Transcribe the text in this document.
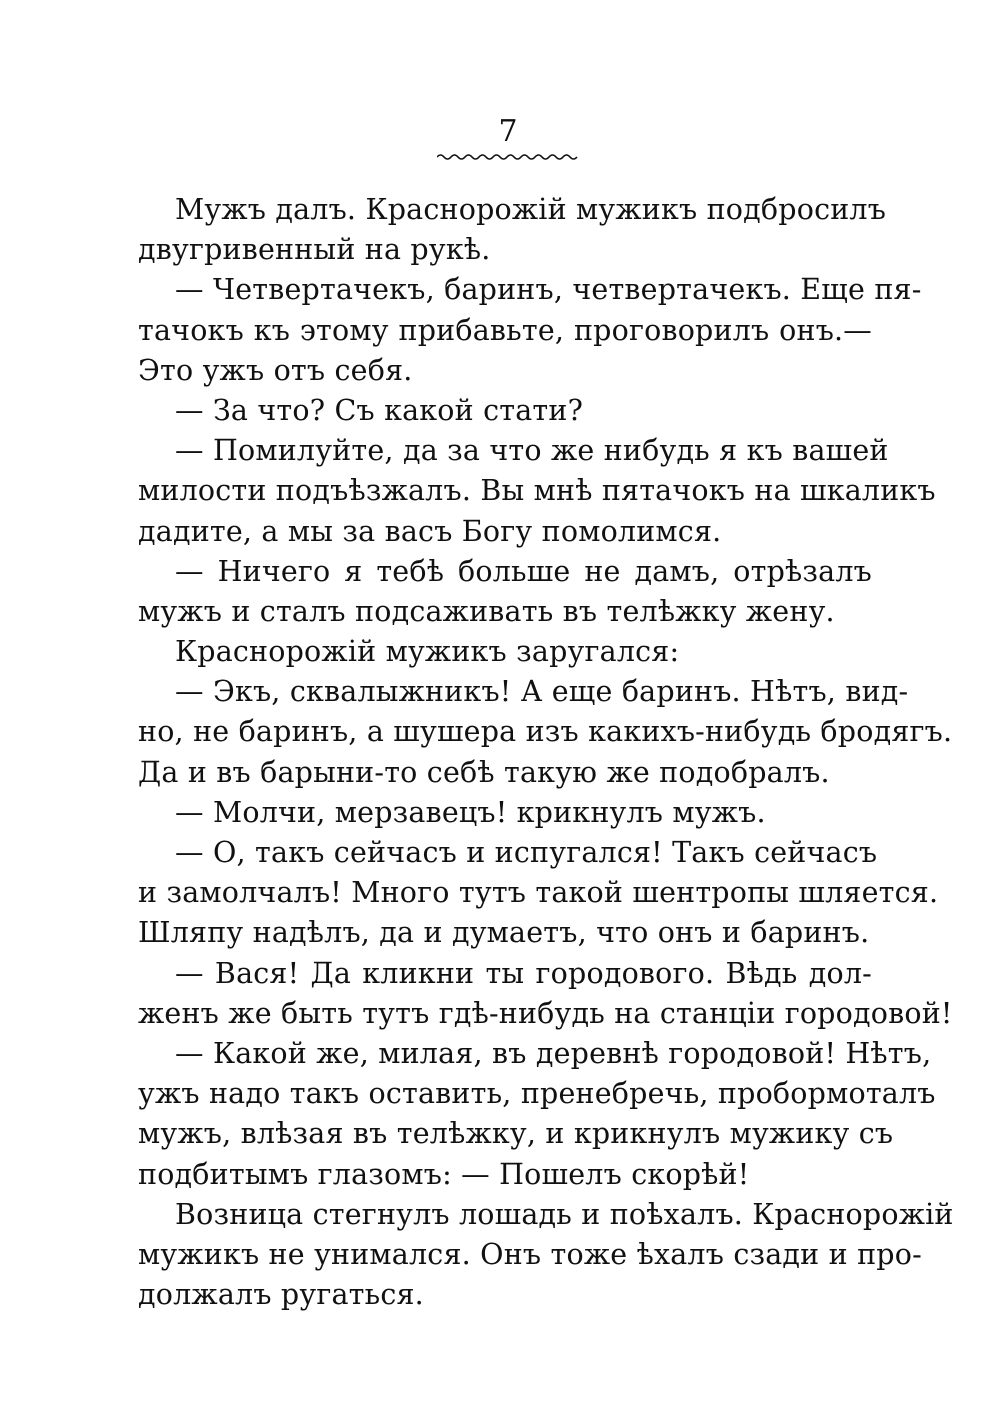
7
Мужъ далъ. Краснорожій мужикъ подбросилъ
двугривенный на рукѣ.
— Четвертачекъ, баринъ, четвертачекъ. Еще пя-
тачокъ къ этому прибавьте, проговорилъ онъ.—
Это ужъ отъ себя.
— За что? Съ какой стати?
— Помилуйте, да за что же нибудь я къ вашей
милости подъѣзжалъ. Вы мнѣ пятачокъ на шкаликъ
дадите, а мы за васъ Богу помолимся.
— Ничего я тебѣ больше не дамъ, отрѣзалъ
мужъ и сталъ подсаживать въ телѣжку жену.
Краснорожій мужикъ заругался:
— Экъ, сквалыжникъ! А еще баринъ. Нѣтъ, вид-
но, не баринъ, а шушера изъ какихъ-нибудь бродягъ.
Да и въ барыни-то себѣ такую же подобралъ.
— Молчи, мерзавецъ! крикнулъ мужъ.
— О, такъ сейчасъ и испугался! Такъ сейчасъ
и замолчалъ! Много тутъ такой шентропы шляется.
Шляпу надѣлъ, да и думаетъ, что онъ и баринъ.
— Вася! Да кликни ты городового. Вѣдь дол-
женъ же быть тутъ гдѣ-нибудь на станціи городовой!
— Какой же, милая, въ деревнѣ городовой! Нѣтъ,
ужъ надо такъ оставить, пренебречь, пробормоталъ
мужъ, влѣзая въ телѣжку, и крикнулъ мужику съ
подбитымъ глазомъ: — Пошелъ скорѣй!
Возница стегнулъ лошадь и поѣхалъ. Краснорожій
мужикъ не унимался. Онъ тоже ѣхалъ сзади и про-
должалъ ругаться.
